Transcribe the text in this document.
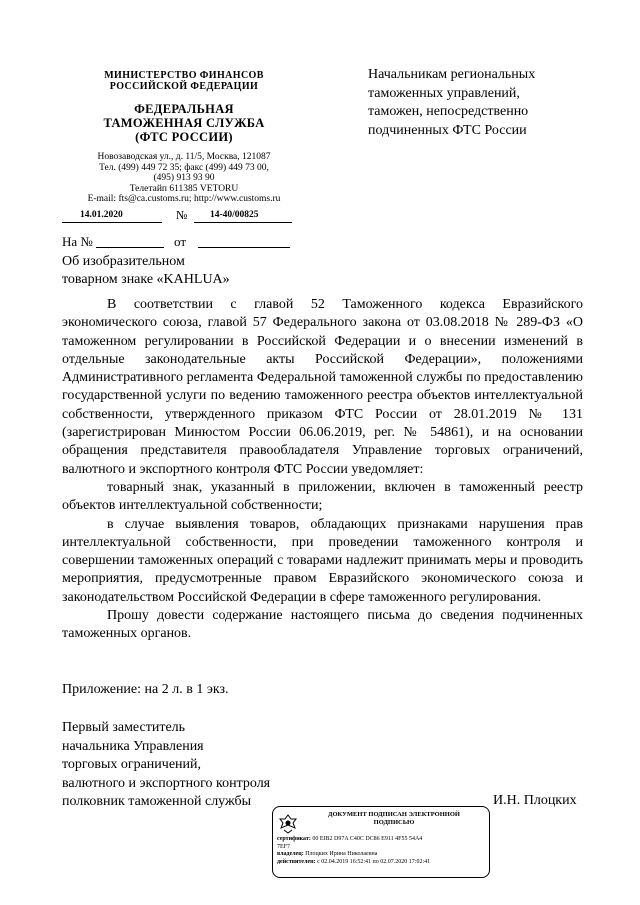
МИНИСТЕРСТВО ФИНАНСОВ
РОССИЙСКОЙ ФЕДЕРАЦИИ
ФЕДЕРАЛЬНАЯ
ТАМОЖЕННАЯ СЛУЖБА
(ФТС РОССИИ)
Новозаводская ул., д. 11/5, Москва, 121087
Тел. (499) 449 72 35; факс (499) 449 73 00,
(495) 913 93 90
Телетайп 611385 VETORU
E-mail: fts@ca.customs.ru; http://www.customs.ru
14.01.2020	№ 14-40/00825
На №	от
Об изобразительном
товарном знаке «KAHLUA»
Начальникам региональных
таможенных управлений,
таможен, непосредственно
подчиненных ФТС России

В соответствии с главой 52 Таможенного кодекса Евразийского экономического союза, главой 57 Федерального закона от 03.08.2018 № 289-ФЗ «О таможенном регулировании в Российской Федерации и о внесении изменений в отдельные законодательные акты Российской Федерации», положениями Административного регламента Федеральной таможенной службы по предоставлению государственной услуги по ведению таможенного реестра объектов интеллектуальной собственности, утвержденного приказом ФТС России от 28.01.2019 № 131 (зарегистрирован Минюстом России 06.06.2019, рег. № 54861), и на основании обращения представителя правообладателя Управление торговых ограничений, валютного и экспортного контроля ФТС России уведомляет:

товарный знак, указанный в приложении, включен в таможенный реестр объектов интеллектуальной собственности;

в случае выявления товаров, обладающих признаками нарушения прав интеллектуальной собственности, при проведении таможенного контроля и совершении таможенных операций с товарами надлежит принимать меры и проводить мероприятия, предусмотренные правом Евразийского экономического союза и законодательством Российской Федерации в сфере таможенного регулирования.

Прошу довести содержание настоящего письма до сведения подчиненных таможенных органов.

Приложение: на 2 л. в 1 экз.
Первый заместитель
начальника Управления
торговых ограничений,
валютного и экспортного контроля
полковник таможенной службы	И.Н. Плоцких
ДОКУМЕНТ ПОДПИСАН ЭЛЕКТРОННОЙ
ПОДПИСЬЮ
сертификат: 00 EIB2 D97A C40C DC86 E911 4F55 54A4
7EF7
владелец: Плоцких Ирина Николаевна
действителен: с 02.04.2019 16:52:41 по 02.07.2020 17:02:41
